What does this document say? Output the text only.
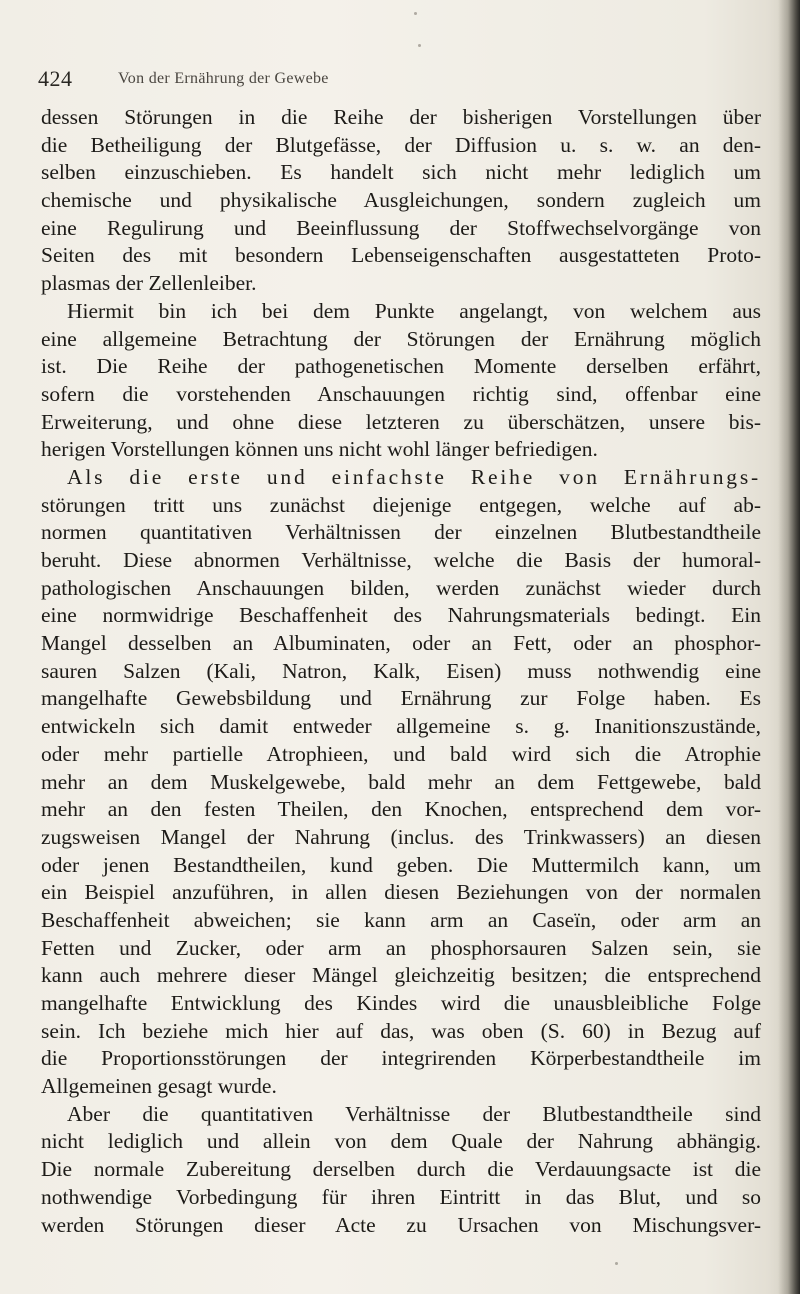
424	Von der Ernährung der Gewebe
dessen Störungen in die Reihe der bisherigen Vorstellungen über
die Betheiligung der Blutgefässe, der Diffusion u. s. w. an den-
selben einzuschieben. Es handelt sich nicht mehr lediglich um
chemische und physikalische Ausgleichungen, sondern zugleich um
eine Regulirung und Beeinflussung der Stoffwechselvorgänge von
Seiten des mit besondern Lebenseigenschaften ausgestatteten Proto-
plasmas der Zellenleiber.
Hiermit bin ich bei dem Punkte angelangt, von welchem aus
eine allgemeine Betrachtung der Störungen der Ernährung möglich
ist. Die Reihe der pathogenetischen Momente derselben erfährt,
sofern die vorstehenden Anschauungen richtig sind, offenbar eine
Erweiterung, und ohne diese letzteren zu überschätzen, unsere bis-
herigen Vorstellungen können uns nicht wohl länger befriedigen.
Als die erste und einfachste Reihe von Ernährungs-
störungen tritt uns zunächst diejenige entgegen, welche auf ab-
normen quantitativen Verhältnissen der einzelnen Blutbestandtheile
beruht. Diese abnormen Verhältnisse, welche die Basis der humoral-
pathologischen Anschauungen bilden, werden zunächst wieder durch
eine normwidrige Beschaffenheit des Nahrungsmaterials bedingt. Ein
Mangel desselben an Albuminaten, oder an Fett, oder an phosphor-
sauren Salzen (Kali, Natron, Kalk, Eisen) muss nothwendig eine
mangelhafte Gewebsbildung und Ernährung zur Folge haben. Es
entwickeln sich damit entweder allgemeine s. g. Inanitionszustände,
oder mehr partielle Atrophieen, und bald wird sich die Atrophie
mehr an dem Muskelgewebe, bald mehr an dem Fettgewebe, bald
mehr an den festen Theilen, den Knochen, entsprechend dem vor-
zugsweisen Mangel der Nahrung (inclus. des Trinkwassers) an diesen
oder jenen Bestandtheilen, kund geben. Die Muttermilch kann, um
ein Beispiel anzuführen, in allen diesen Beziehungen von der normalen
Beschaffenheit abweichen; sie kann arm an Caseïn, oder arm an
Fetten und Zucker, oder arm an phosphorsauren Salzen sein, sie
kann auch mehrere dieser Mängel gleichzeitig besitzen; die entsprechend
mangelhafte Entwicklung des Kindes wird die unausbleibliche Folge
sein. Ich beziehe mich hier auf das, was oben (S. 60) in Bezug auf
die Proportionsstörungen der integrirenden Körperbestandtheile im
Allgemeinen gesagt wurde.
Aber die quantitativen Verhältnisse der Blutbestandtheile sind
nicht lediglich und allein von dem Quale der Nahrung abhängig.
Die normale Zubereitung derselben durch die Verdauungsacte ist die
nothwendige Vorbedingung für ihren Eintritt in das Blut, und so
werden Störungen dieser Acte zu Ursachen von Mischungsver-
